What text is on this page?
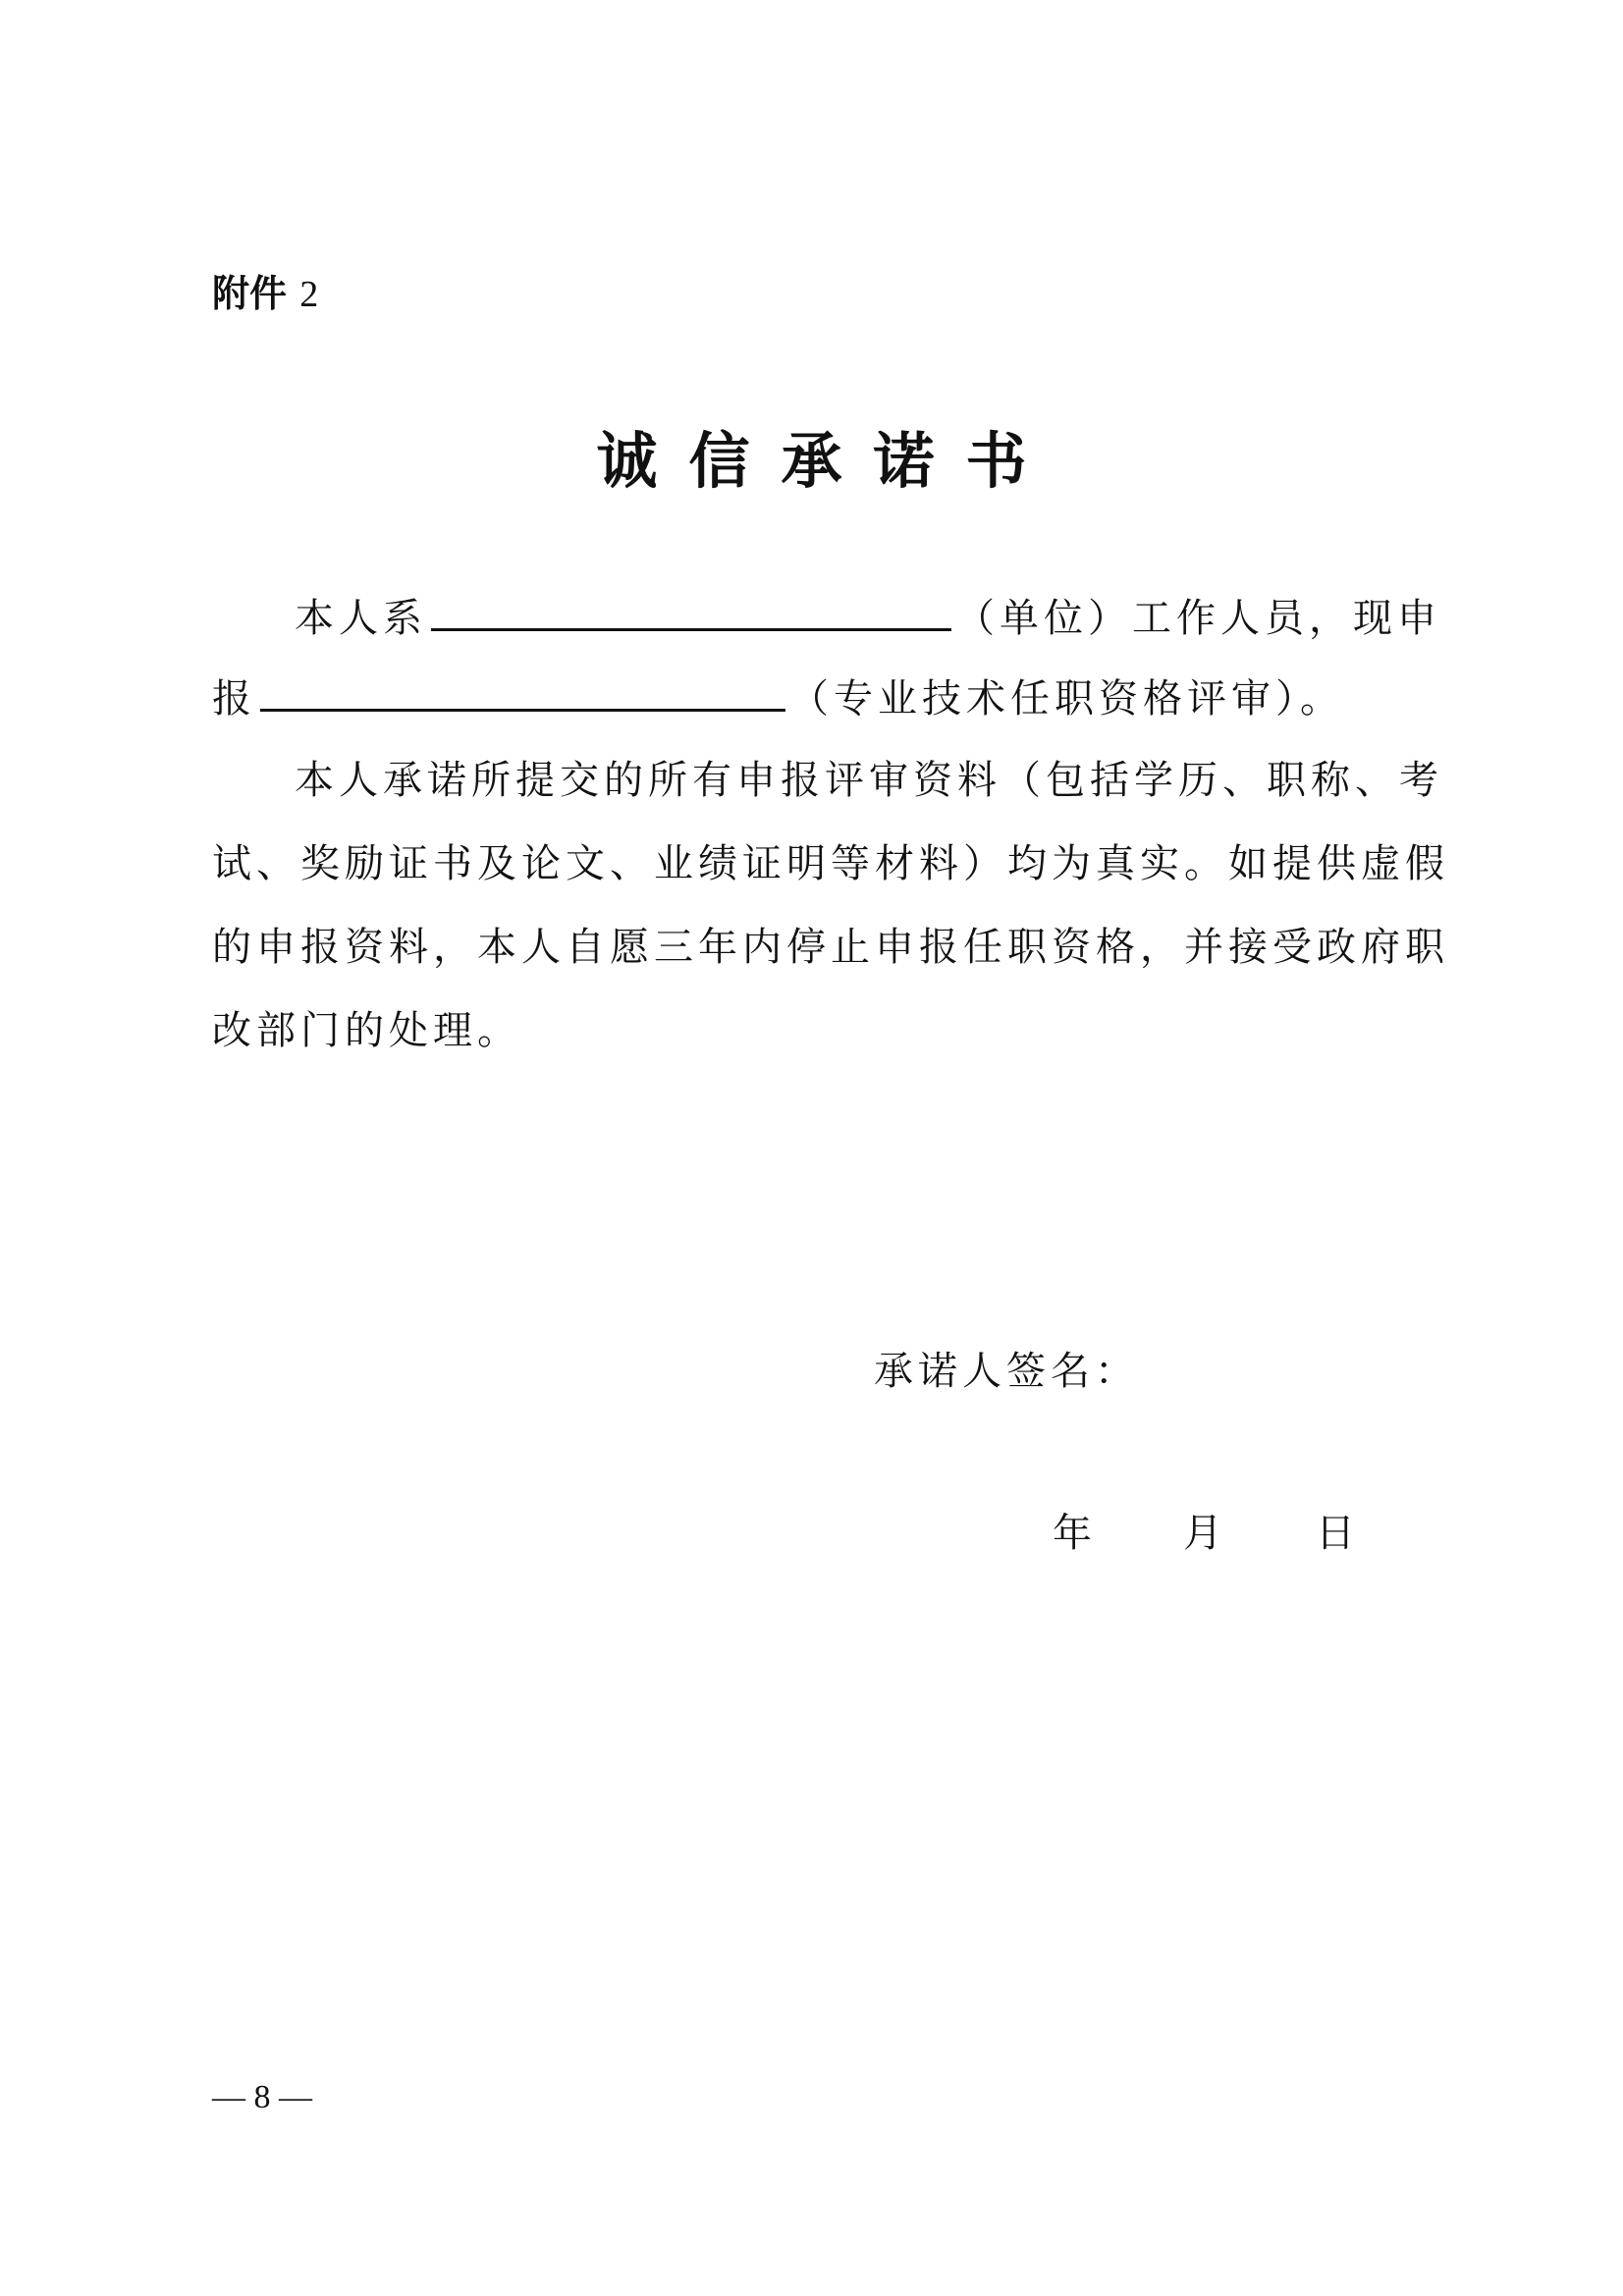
附件 2
诚信承诺书
本人系	（单位）工作人员，现申
报	（专业技术任职资格评审）。
本人承诺所提交的所有申报评审资料（包括学历、职称、考
试、奖励证书及论文、业绩证明等材料）均为真实。如提供虚假
的申报资料，本人自愿三年内停止申报任职资格，并接受政府职
改部门的处理。
承诺人签名：
年 月 日
— 8 —
